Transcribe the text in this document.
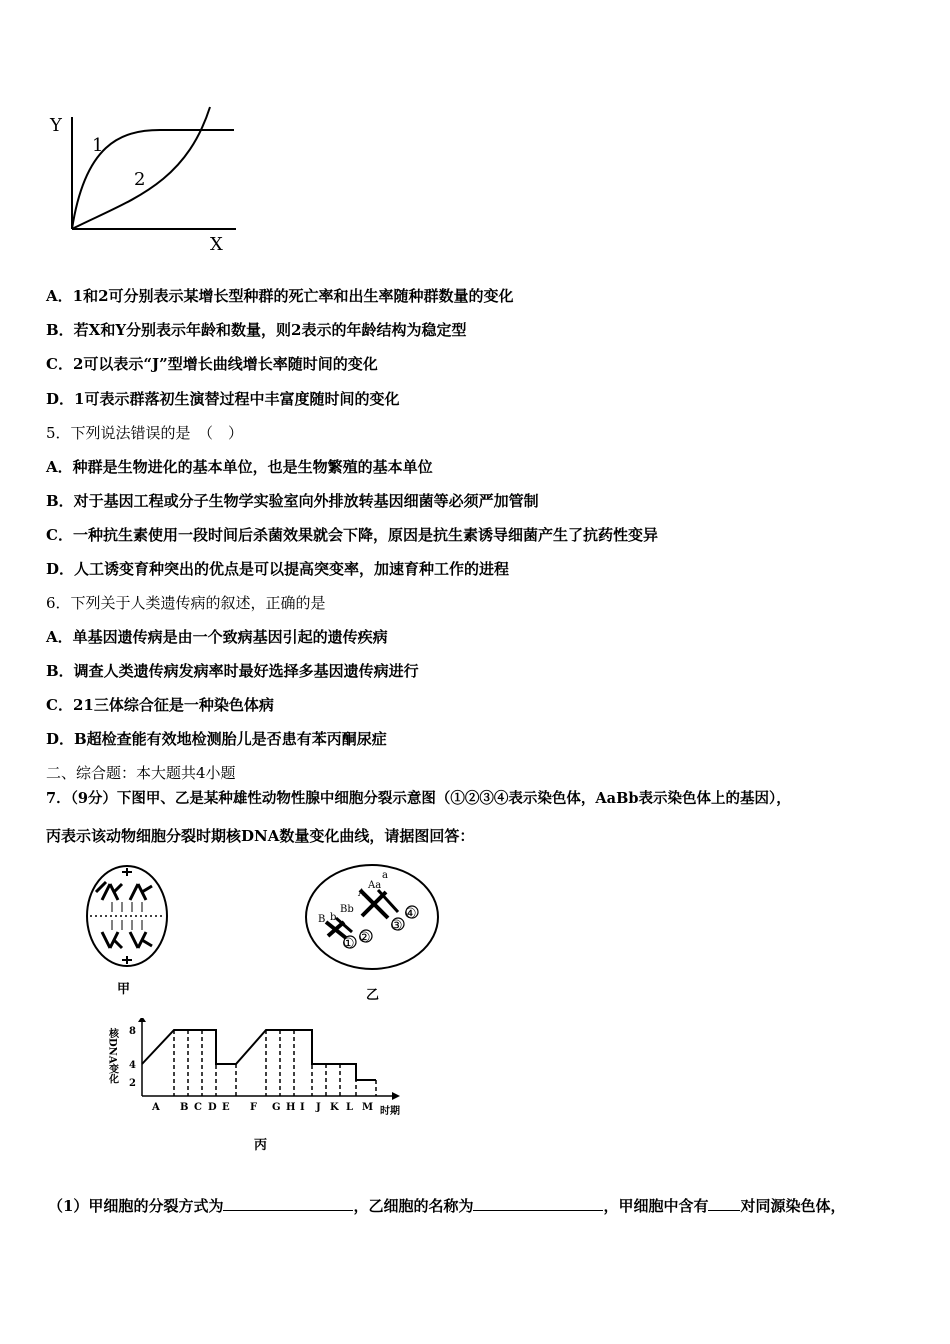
Y
X
1
2
A．1和2可分别表示某增长型种群的死亡率和出生率随种群数量的变化
B．若X和Y分别表示年龄和数量，则2表示的年龄结构为稳定型
C．2可以表示“J”型增长曲线增长率随时间的变化
D．1可表示群落初生演替过程中丰富度随时间的变化
5．下列说法错误的是　（　）
A．种群是生物进化的基本单位，也是生物繁殖的基本单位
B．对于基因工程或分子生物学实验室向外排放转基因细菌等必须严加管制
C．一种抗生素使用一段时间后杀菌效果就会下降，原因是抗生素诱导细菌产生了抗药性变异
D．人工诱变育种突出的优点是可以提高突变率，加速育种工作的进程
6．下列关于人类遗传病的叙述，正确的是
A．单基因遗传病是由一个致病基因引起的遗传疾病
B．调查人类遗传病发病率时最好选择多基因遗传病进行
C．21三体综合征是一种染色体病
D．B超检查能有效地检测胎儿是否患有苯丙酮尿症
二、综合题：本大题共4小题
7．（9分）下图甲、乙是某种雄性动物性腺中细胞分裂示意图（①②③④表示染色体，AaBb表示染色体上的基因），
丙表示该动物细胞分裂时期核DNA数量变化曲线，请据图回答：
甲
B b
Bb
Aa
A
a
① ②
③
④
乙
核DNA变化 8
4
2
A B C D E F G H I J K L M 时期
丙
（1）甲细胞的分裂方式为	，乙细胞的名称为	，甲细胞中含有 对同源染色体，
